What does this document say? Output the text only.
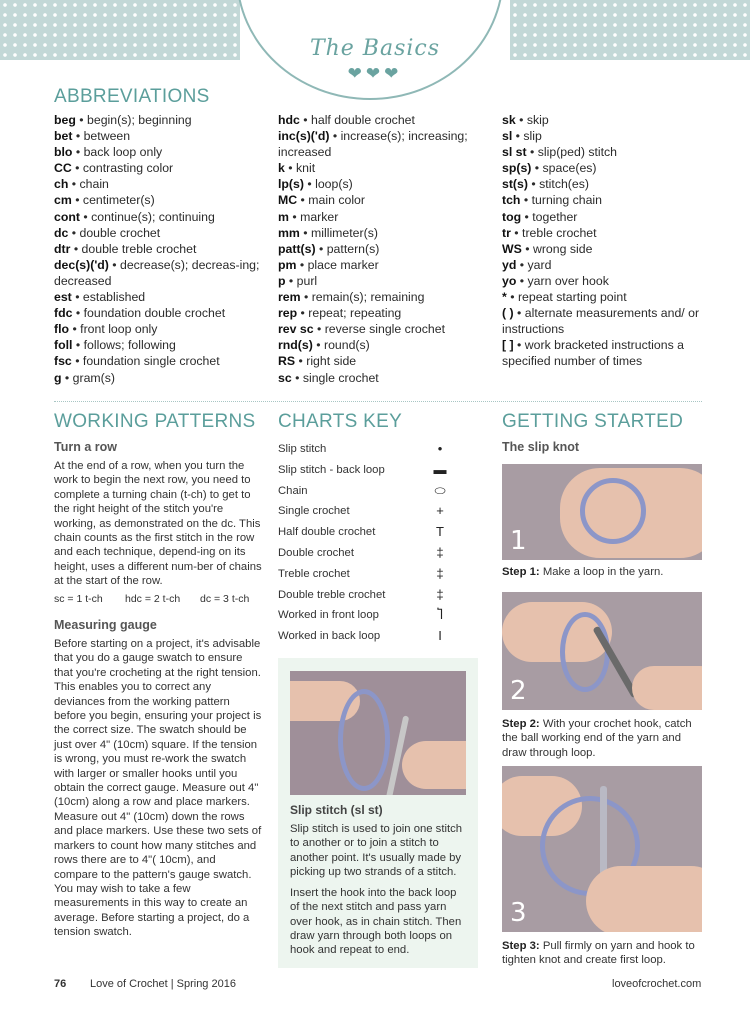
The Basics
❤❤❤
ABBREVIATIONS

beg • begin(s); beginning

bet • between

blo • back loop only

CC • contrasting color

ch • chain

cm • centimeter(s)

cont • continue(s); continuing

dc • double crochet

dtr • double treble crochet

dec(s)('d) • decrease(s); decreas-ing; decreased

est • established

fdc • foundation double crochet

flo • front loop only

foll • follows; following

fsc • foundation single crochet

g • gram(s)

hdc • half double crochet

inc(s)('d) • increase(s); increasing; increased

k • knit

lp(s) • loop(s)

MC • main color

m • marker

mm • millimeter(s)

patt(s) • pattern(s)

pm • place marker

p • purl

rem • remain(s); remaining

rep • repeat; repeating

rev sc • reverse single crochet

rnd(s) • round(s)

RS • right side

sc • single crochet

sk • skip

sl • slip

sl st • slip(ped) stitch

sp(s) • space(es)

st(s) • stitch(es)

tch • turning chain

tog • together

tr • treble crochet

WS • wrong side

yd • yard

yo • yarn over hook

* • repeat starting point

( ) • alternate measurements and/ or instructions

[ ] • work bracketed instructions a specified number of times

WORKING PATTERNS
Turn a row
At the end of a row, when you turn the work to begin the next row, you need to complete a turning chain (t-ch) to get to the right height of the stitch you're working, as demonstrated on the dc. This chain counts as the first stitch in the row and each technique, depend-ing on its height, uses a different num-ber of chains at the start of the row.
sc = 1 t-ch hdc = 2 t-ch dc = 3 t-ch
Measuring gauge
Before starting on a project, it's advisable that you do a gauge swatch to ensure that you're crocheting at the right tension. This enables you to correct any deviances from the working pattern before you begin, ensuring your project is the correct size. The swatch should be just over 4" (10cm) square. If the tension is wrong, you must re-work the swatch with larger or smaller hooks until you obtain the correct gauge. Measure out 4" (10cm) along a row and place markers. Measure out 4" (10cm) down the rows and place markers. Use these two sets of markers to count how many stitches and rows there are to 4"( 10cm), and compare to the pattern's gauge swatch. You may wish to take a few measurements in this way to create an average. Before starting a project, do a tension swatch.
CHARTS KEY
Slip stitch	•
Slip stitch - back loop	▬
Chain	⬭
Single crochet	+
Half double crochet	T
Double crochet	‡
Treble crochet	‡
Double treble crochet	‡
Worked in front loop	Ⴈ
Worked in back loop	I
Slip stitch (sl st)
Slip stitch is used to join one stitch to another or to join a stitch to another point. It's usually made by picking up two strands of a stitch.
Insert the hook into the back loop of the next stitch and pass yarn over hook, as in chain stitch. Then draw yarn through both loops on hook and repeat to end.
GETTING STARTED
The slip knot
1
Step 1: Make a loop in the yarn.
2
Step 2: With your crochet hook, catch the ball working end of the yarn and draw through loop.
3
Step 3: Pull firmly on yarn and hook to tighten knot and create first loop.
76 Love of Crochet | Spring 2016	loveofcrochet.com
